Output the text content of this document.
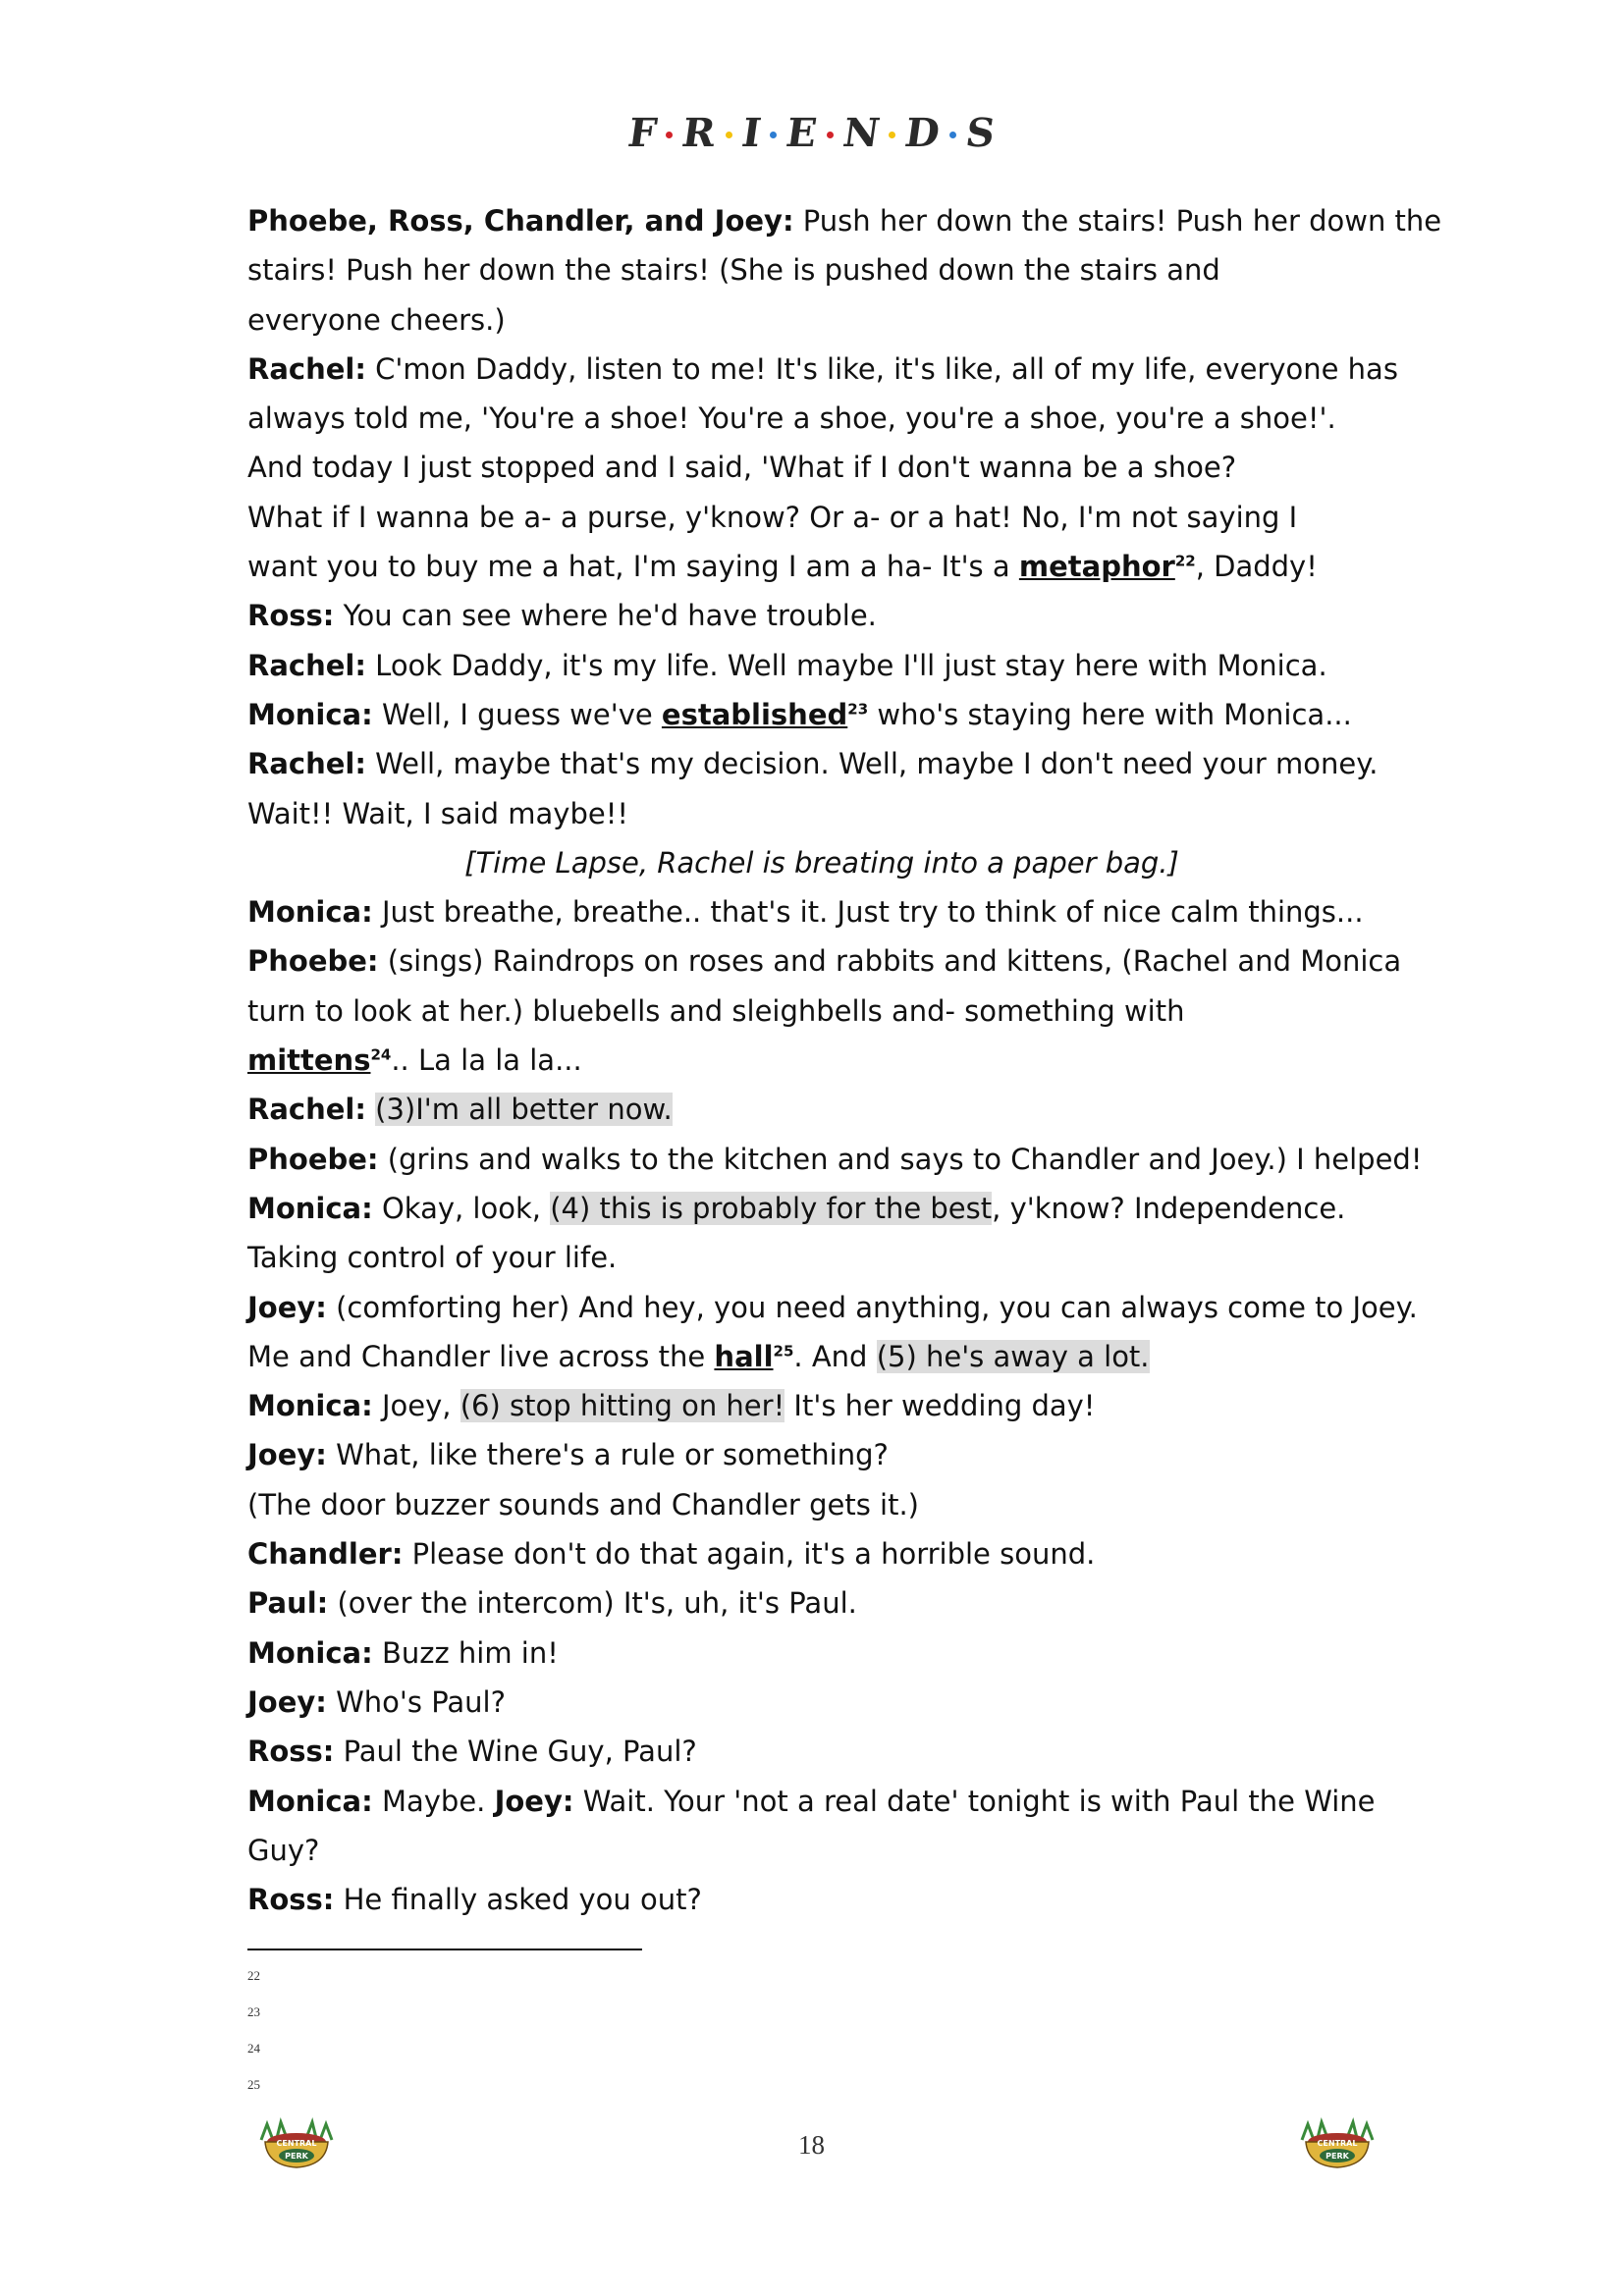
F R I E N D S
Phoebe, Ross, Chandler, and Joey: Push her down the stairs! Push her down the
stairs! Push her down the stairs! (She is pushed down the stairs and
everyone cheers.)
Rachel: C'mon Daddy, listen to me! It's like, it's like, all of my life, everyone has
always told me, 'You're a shoe! You're a shoe, you're a shoe, you're a shoe!'.
And today I just stopped and I said, 'What if I don't wanna be a shoe?
What if I wanna be a- a purse, y'know? Or a- or a hat! No, I'm not saying I
want you to buy me a hat, I'm saying I am a ha- It's a metaphor$^{22}$, Daddy!
Ross: You can see where he'd have trouble.
Rachel: Look Daddy, it's my life. Well maybe I'll just stay here with Monica.
Monica: Well, I guess we've established$^{23}$ who's staying here with Monica...
Rachel: Well, maybe that's my decision. Well, maybe I don't need your money.
Wait!! Wait, I said maybe!!
[Time Lapse, Rachel is breating into a paper bag.]
Monica: Just breathe, breathe.. that's it. Just try to think of nice calm things...
Phoebe: (sings) Raindrops on roses and rabbits and kittens, (Rachel and Monica
turn to look at her.) bluebells and sleighbells and- something with
mittens$^{24}$.. La la la la...
Rachel: (3)I'm all better now.
Phoebe: (grins and walks to the kitchen and says to Chandler and Joey.) I helped!
Monica: Okay, look, (4) this is probably for the best, y'know? Independence.
Taking control of your life.
Joey: (comforting her) And hey, you need anything, you can always come to Joey.
Me and Chandler live across the hall$^{25}$. And (5) he's away a lot.
Monica: Joey, (6) stop hitting on her! It's her wedding day!
Joey: What, like there's a rule or something?
(The door buzzer sounds and Chandler gets it.)
Chandler: Please don't do that again, it's a horrible sound.
Paul: (over the intercom) It's, uh, it's Paul.
Monica: Buzz him in!
Joey: Who's Paul?
Ross: Paul the Wine Guy, Paul?
Monica: Maybe. Joey: Wait. Your 'not a real date' tonight is with Paul the Wine
Guy?
Ross: He finally asked you out?
22
23
24
25
18
CENTRAL
PERK
CENTRAL
PERK
